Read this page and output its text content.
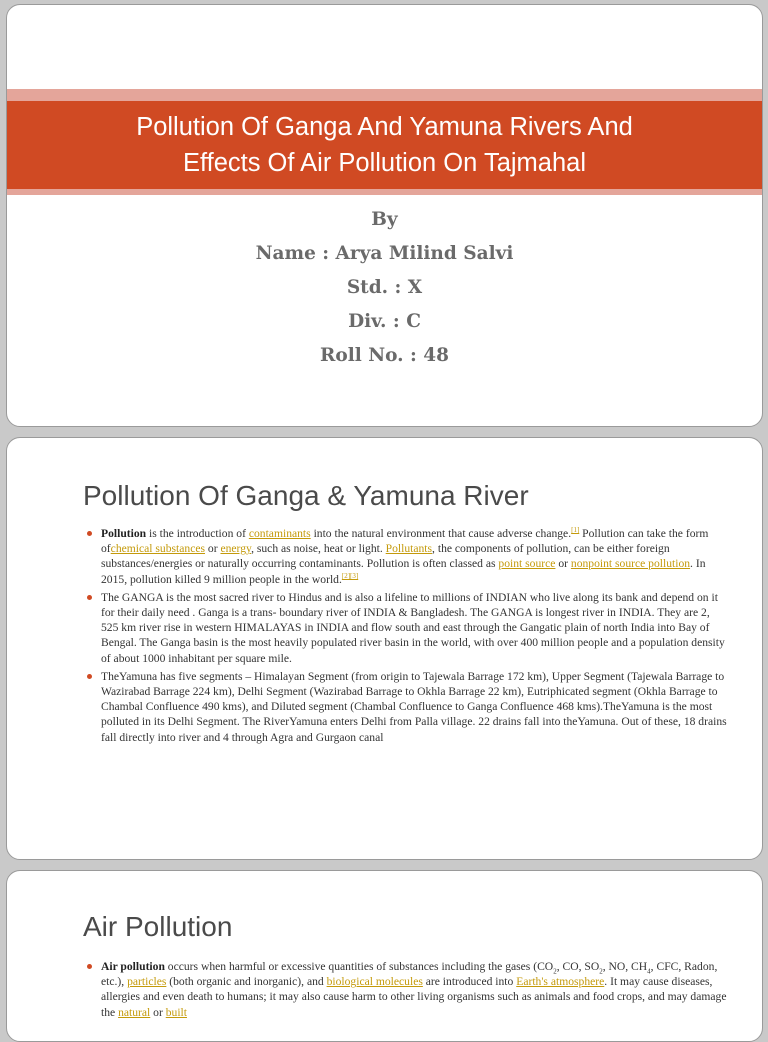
Pollution Of Ganga And Yamuna Rivers And
Effects Of Air Pollution On Tajmahal
By
Name : Arya Milind Salvi
Std. : X
Div. : C
Roll No. : 48
Pollution Of Ganga & Yamuna River
Pollution is the introduction of contaminants into the natural environment that cause adverse change.[1] Pollution can take the form ofchemical substances or energy, such as noise, heat or light. Pollutants, the components of pollution, can be either foreign substances/energies or naturally occurring contaminants. Pollution is often classed as point source or nonpoint source pollution. In 2015, pollution killed 9 million people in the world.[2][3]
The GANGA is the most sacred river to Hindus and is also a lifeline to millions of INDIAN who live along its bank and depend on it for their daily need . Ganga is a trans- boundary river of INDIA & Bangladesh. The GANGA is longest river in INDIA. They are 2, 525 km river rise in western HIMALAYAS in INDIA and flow south and east through the Gangatic plain of north India into Bay of Bengal. The Ganga basin is the most heavily populated river basin in the world, with over 400 million people and a population density of about 1000 inhabitant per square mile.
TheYamuna has five segments – Himalayan Segment (from origin to Tajewala Barrage 172 km), Upper Segment (Tajewala Barrage to Wazirabad Barrage 224 km), Delhi Segment (Wazirabad Barrage to Okhla Barrage 22 km), Eutriphicated segment (Okhla Barrage to Chambal Confluence 490 kms), and Diluted segment (Chambal Confluence to Ganga Confluence 468 kms).TheYamuna is the most polluted in its Delhi Segment. The RiverYamuna enters Delhi from Palla village. 22 drains fall into theYamuna. Out of these, 18 drains fall directly into river and 4 through Agra and Gurgaon canal
Air Pollution
Air pollution occurs when harmful or excessive quantities of substances including the gases ($CO_2$, CO, $SO_2$, NO, $CH_4$, CFC, Radon, etc.), particles (both organic and inorganic), and biological molecules are introduced into Earth's atmosphere. It may cause diseases, allergies and even death to humans; it may also cause harm to other living organisms such as animals and food crops, and may damage the natural or built
